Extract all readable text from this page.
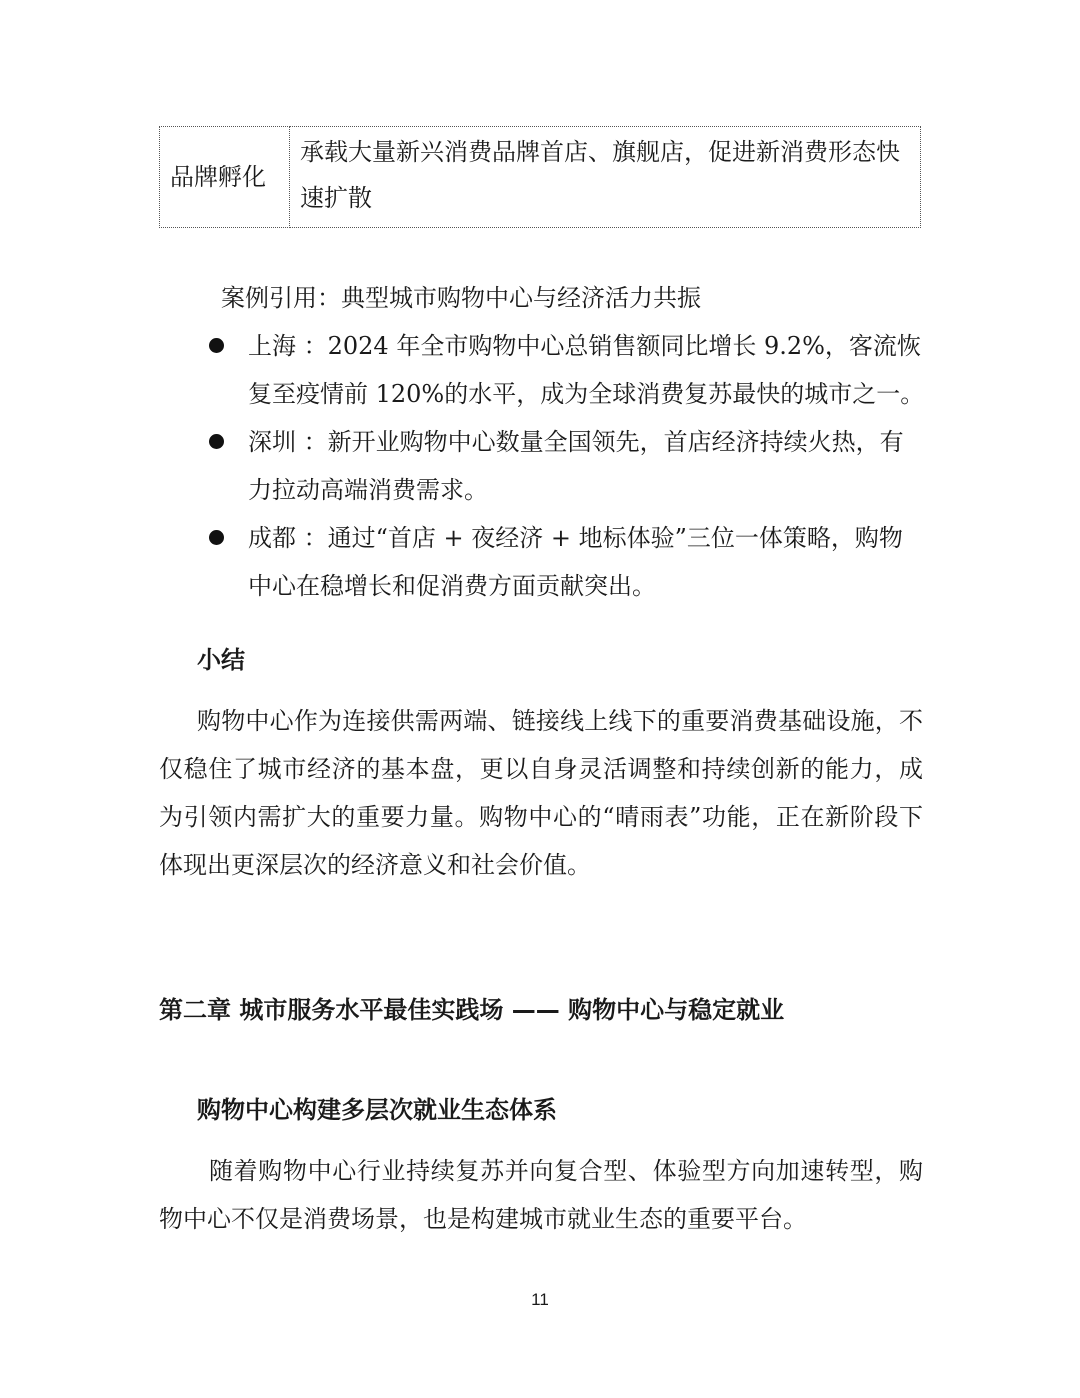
品牌孵化	承载大量新兴消费品牌首店、旗舰店，促进新消费形态快速扩散
案例引用：典型城市购物中心与经济活力共振
上海 ：2024 年全市购物中心总销售额同比增长 9.2%，客流恢复至疫情前 120%的水平，成为全球消费复苏最快的城市之一。
深圳 ：新开业购物中心数量全国领先，首店经济持续火热，有力拉动高端消费需求。
成都 ：通过“首店 + 夜经济 + 地标体验”三位一体策略，购物中心在稳增长和促消费方面贡献突出。
小结
购物中心作为连接供需两端、链接线上线下的重要消费基础设施，不仅稳住了城市经济的基本盘，更以自身灵活调整和持续创新的能力，成为引领内需扩大的重要力量。购物中心的“晴雨表”功能，正在新阶段下体现出更深层次的经济意义和社会价值。
第二章 城市服务水平最佳实践场 —— 购物中心与稳定就业
购物中心构建多层次就业生态体系
随着购物中心行业持续复苏并向复合型、体验型方向加速转型，购物中心不仅是消费场景，也是构建城市就业生态的重要平台。
11
